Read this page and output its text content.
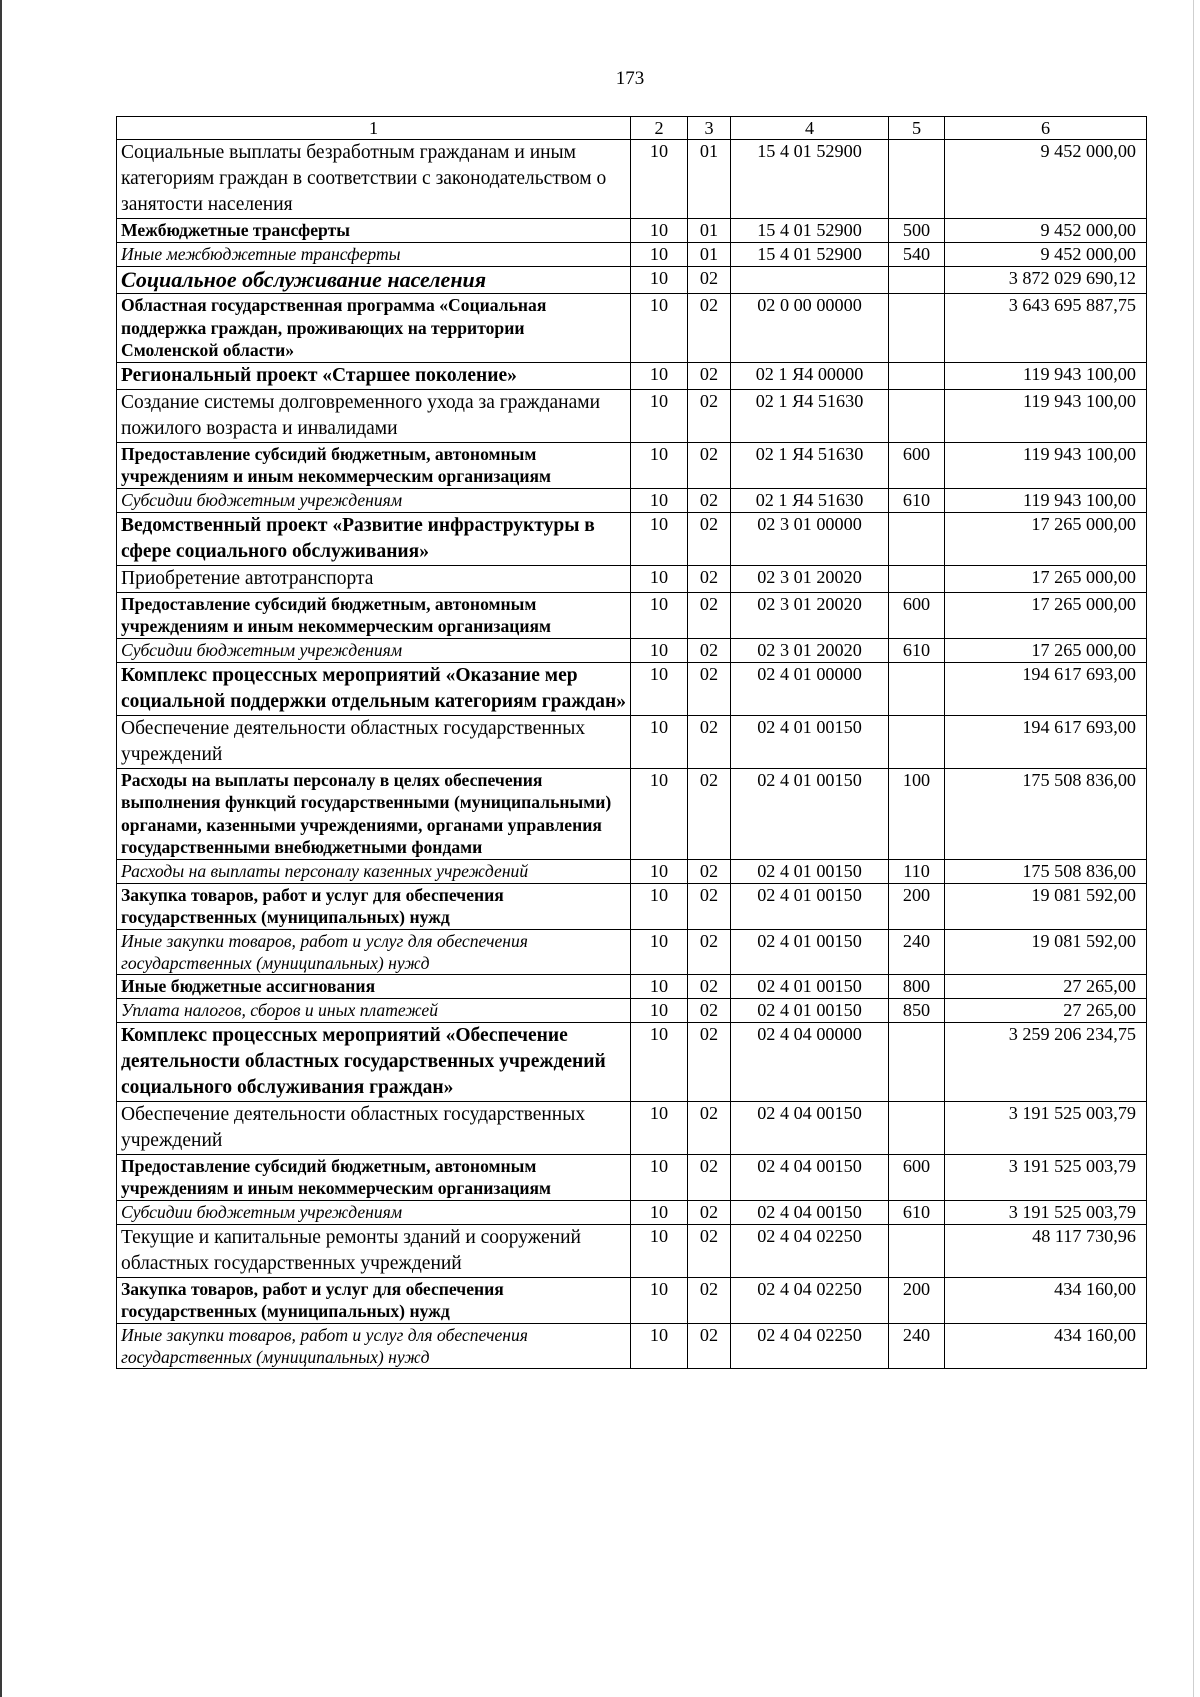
173
1	2	3	4	5	6
Социальные выплаты безработным гражданам и иным категориям граждан в соответствии с законодательством о занятости населения	10	01	15 4 01 52900		9 452 000,00
Межбюджетные трансферты	10	01	15 4 01 52900	500	9 452 000,00
Иные межбюджетные трансферты	10	01	15 4 01 52900	540	9 452 000,00
Социальное обслуживание населения	10	02			3 872 029 690,12
Областная государственная программа «Социальная поддержка граждан, проживающих на территории Смоленской области»	10	02	02 0 00 00000		3 643 695 887,75
Региональный проект «Старшее поколение»	10	02	02 1 Я4 00000		119 943 100,00
Создание системы долговременного ухода за гражданами пожилого возраста и инвалидами	10	02	02 1 Я4 51630		119 943 100,00
Предоставление субсидий бюджетным, автономным учреждениям и иным некоммерческим организациям	10	02	02 1 Я4 51630	600	119 943 100,00
Субсидии бюджетным учреждениям	10	02	02 1 Я4 51630	610	119 943 100,00
Ведомственный проект «Развитие инфраструктуры в сфере социального обслуживания»	10	02	02 3 01 00000		17 265 000,00
Приобретение автотранспорта	10	02	02 3 01 20020		17 265 000,00
Предоставление субсидий бюджетным, автономным учреждениям и иным некоммерческим организациям	10	02	02 3 01 20020	600	17 265 000,00
Субсидии бюджетным учреждениям	10	02	02 3 01 20020	610	17 265 000,00
Комплекс процессных мероприятий «Оказание мер социальной поддержки отдельным категориям граждан»	10	02	02 4 01 00000		194 617 693,00
Обеспечение деятельности областных государственных учреждений	10	02	02 4 01 00150		194 617 693,00
Расходы на выплаты персоналу в целях обеспечения выполнения функций государственными (муниципальными) органами, казенными учреждениями, органами управления государственными внебюджетными фондами	10	02	02 4 01 00150	100	175 508 836,00
Расходы на выплаты персоналу казенных учреждений	10	02	02 4 01 00150	110	175 508 836,00
Закупка товаров, работ и услуг для обеспечения государственных (муниципальных) нужд	10	02	02 4 01 00150	200	19 081 592,00
Иные закупки товаров, работ и услуг для обеспечения государственных (муниципальных) нужд	10	02	02 4 01 00150	240	19 081 592,00
Иные бюджетные ассигнования	10	02	02 4 01 00150	800	27 265,00
Уплата налогов, сборов и иных платежей	10	02	02 4 01 00150	850	27 265,00
Комплекс процессных мероприятий «Обеспечение деятельности областных государственных учреждений социального обслуживания граждан»	10	02	02 4 04 00000		3 259 206 234,75
Обеспечение деятельности областных государственных учреждений	10	02	02 4 04 00150		3 191 525 003,79
Предоставление субсидий бюджетным, автономным учреждениям и иным некоммерческим организациям	10	02	02 4 04 00150	600	3 191 525 003,79
Субсидии бюджетным учреждениям	10	02	02 4 04 00150	610	3 191 525 003,79
Текущие и капитальные ремонты зданий и сооружений областных государственных учреждений	10	02	02 4 04 02250		48 117 730,96
Закупка товаров, работ и услуг для обеспечения государственных (муниципальных) нужд	10	02	02 4 04 02250	200	434 160,00
Иные закупки товаров, работ и услуг для обеспечения государственных (муниципальных) нужд	10	02	02 4 04 02250	240	434 160,00
